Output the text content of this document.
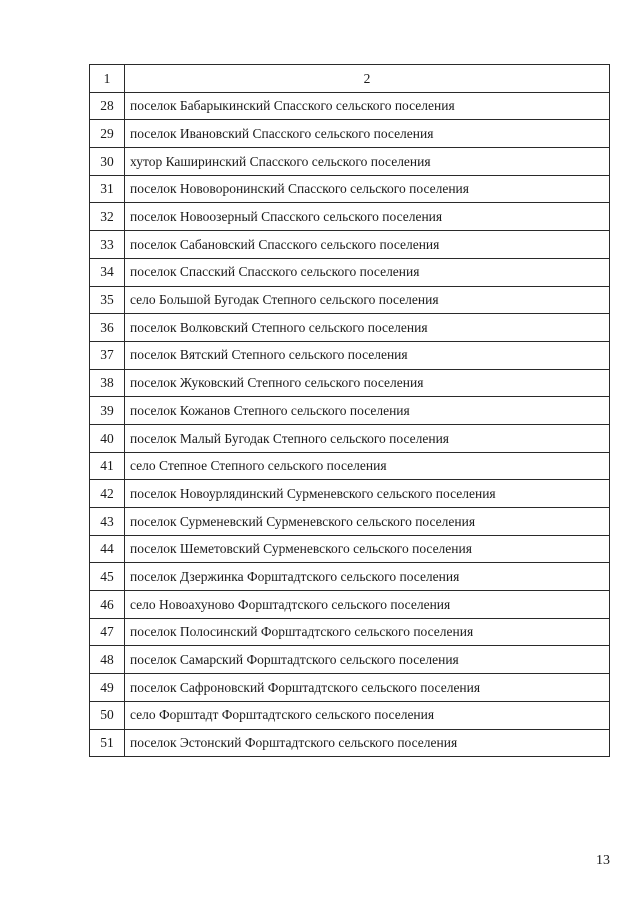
1	2
28	поселок Бабарыкинский Спасского сельского поселения
29	поселок Ивановский Спасского сельского поселения
30	хутор Каширинский Спасского сельского поселения
31	поселок Нововоронинский Спасского сельского поселения
32	поселок Новоозерный Спасского сельского поселения
33	поселок Сабановский Спасского сельского поселения
34	поселок Спасский Спасского сельского поселения
35	село Большой Бугодак Степного сельского поселения
36	поселок Волковский Степного сельского поселения
37	поселок Вятский Степного сельского поселения
38	поселок Жуковский Степного сельского поселения
39	поселок Кожанов Степного сельского поселения
40	поселок Малый Бугодак Степного сельского поселения
41	село Степное Степного сельского поселения
42	поселок Новоурлядинский Сурменевского сельского поселения
43	поселок Сурменевский Сурменевского сельского поселения
44	поселок Шеметовский Сурменевского сельского поселения
45	поселок Дзержинка Форштадтского сельского поселения
46	село Новоахуново Форштадтского сельского поселения
47	поселок Полосинский Форштадтского сельского поселения
48	поселок Самарский Форштадтского сельского поселения
49	поселок Сафроновский Форштадтского сельского поселения
50	село Форштадт Форштадтского сельского поселения
51	поселок Эстонский Форштадтского сельского поселения
13
